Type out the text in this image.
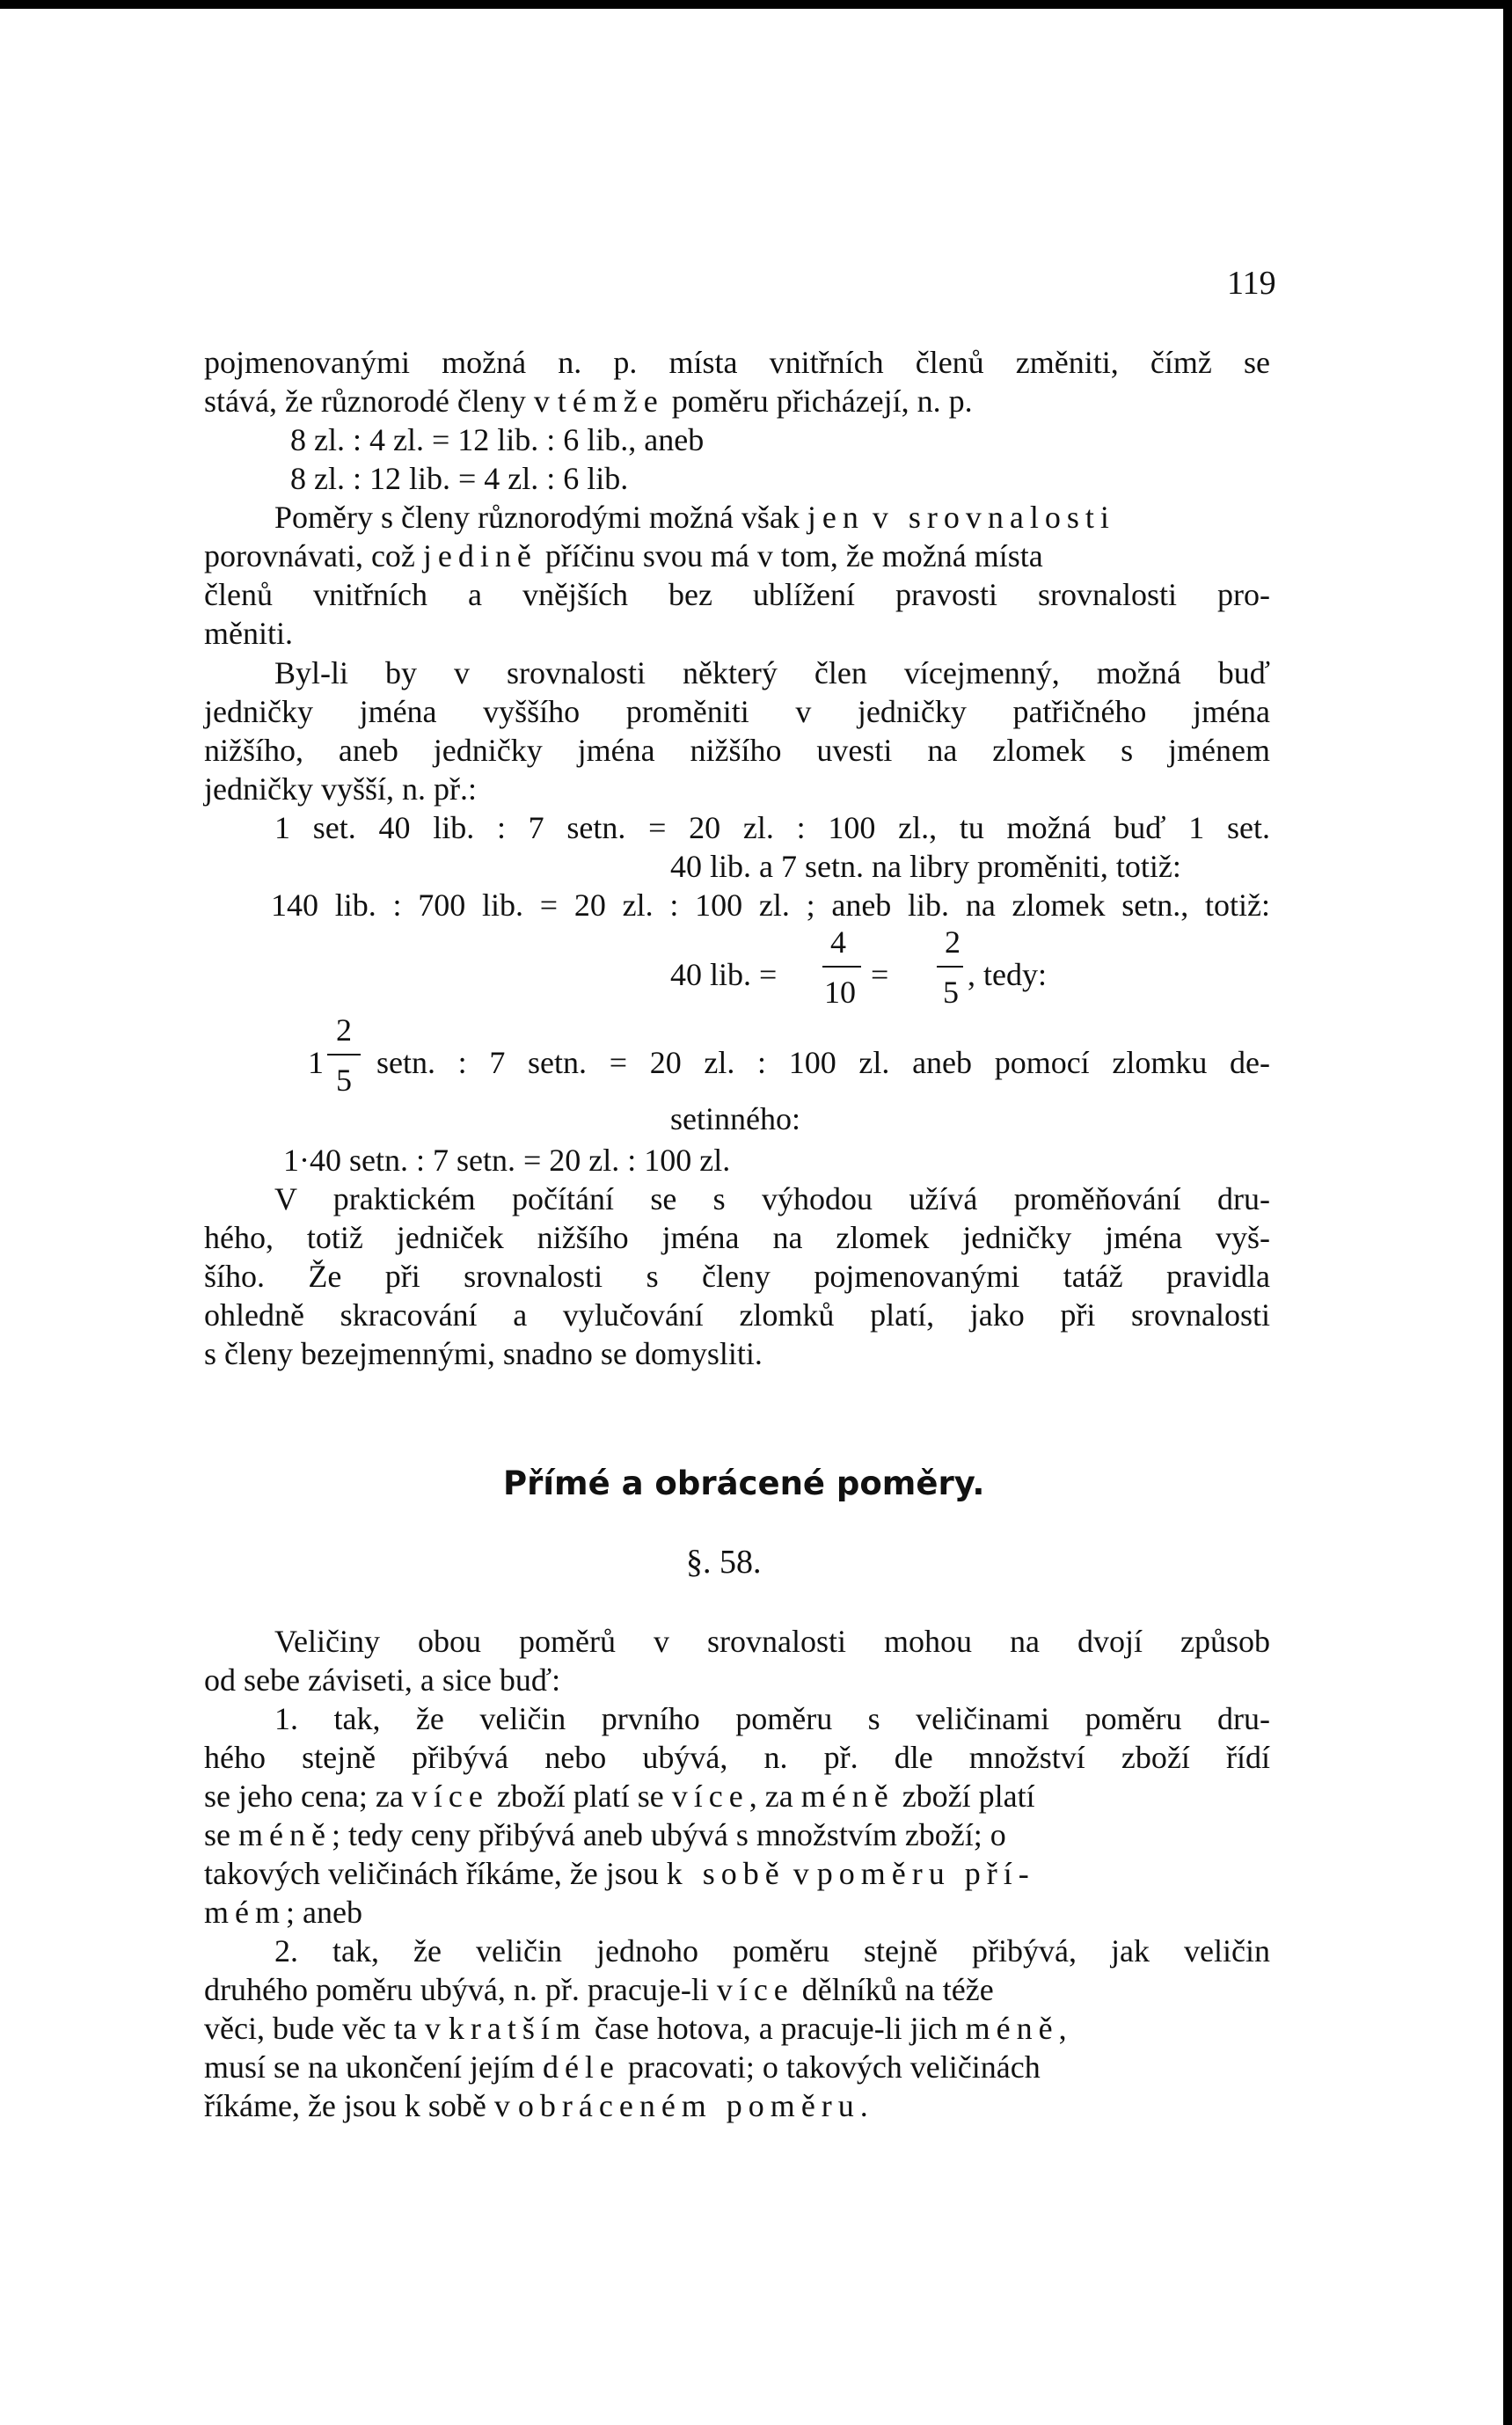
119
pojmenovanými možná n. p. místa vnitřních členů změniti, čímž se
stává, že různorodé členy v témže poměru přicházejí, n. p.
8 zl. : 4 zl. = 12 lib. : 6 lib., aneb
8 zl. : 12 lib. = 4 zl. : 6 lib.
Poměry s členy různorodými možná však jen v srovnalosti
porovnávati, což jedině příčinu svou má v tom, že možná místa
členů vnitřních a vnějších bez ublížení pravosti srovnalosti pro-
měniti.
Byl-li by v srovnalosti některý člen vícejmenný, možná buď
jedničky jména vyššího proměniti v jedničky patřičného jména
nižšího, aneb jedničky jména nižšího uvesti na zlomek s jménem
jedničky vyšší, n. př.:
1 set. 40 lib. : 7 setn. = 20 zl. : 100 zl., tu možná buď 1 set.
40 lib. a 7 setn. na libry proměniti, totiž:
140 lib. : 700 lib. = 20 zl. : 100 zl. ; aneb lib. na zlomek setn., totiž:
40 lib. =
4
10 =
2
5 , tedy:
1
2
5 setn. : 7 setn. = 20 zl. : 100 zl. aneb pomocí zlomku de-
setinného:
1·40 setn. : 7 setn. = 20 zl. : 100 zl.
V praktickém počítání se s výhodou užívá proměňování dru-
hého, totiž jedniček nižšího jména na zlomek jedničky jména vyš-
šího. Že při srovnalosti s členy pojmenovanými tatáž pravidla
ohledně skracování a vylučování zlomků platí, jako při srovnalosti
s členy bezejmennými, snadno se domysliti.
Přímé a obrácené poměry.
§. 58.
Veličiny obou poměrů v srovnalosti mohou na dvojí způsob
od sebe záviseti, a sice buď:
1. tak, že veličin prvního poměru s veličinami poměru dru-
hého stejně přibývá nebo ubývá, n. př. dle množství zboží řídí
se jeho cena; za více zboží platí se více, za méně zboží platí
se méně; tedy ceny přibývá aneb ubývá s množstvím zboží; o
takových veličinách říkáme, že jsou k sobě v poměru pří-
mém; aneb
2. tak, že veličin jednoho poměru stejně přibývá, jak veličin
druhého poměru ubývá, n. př. pracuje-li více dělníků na téže
věci, bude věc ta v kratším čase hotova, a pracuje-li jich méně,
musí se na ukončení jejím déle pracovati; o takových veličinách
říkáme, že jsou k sobě v obráceném poměru.
